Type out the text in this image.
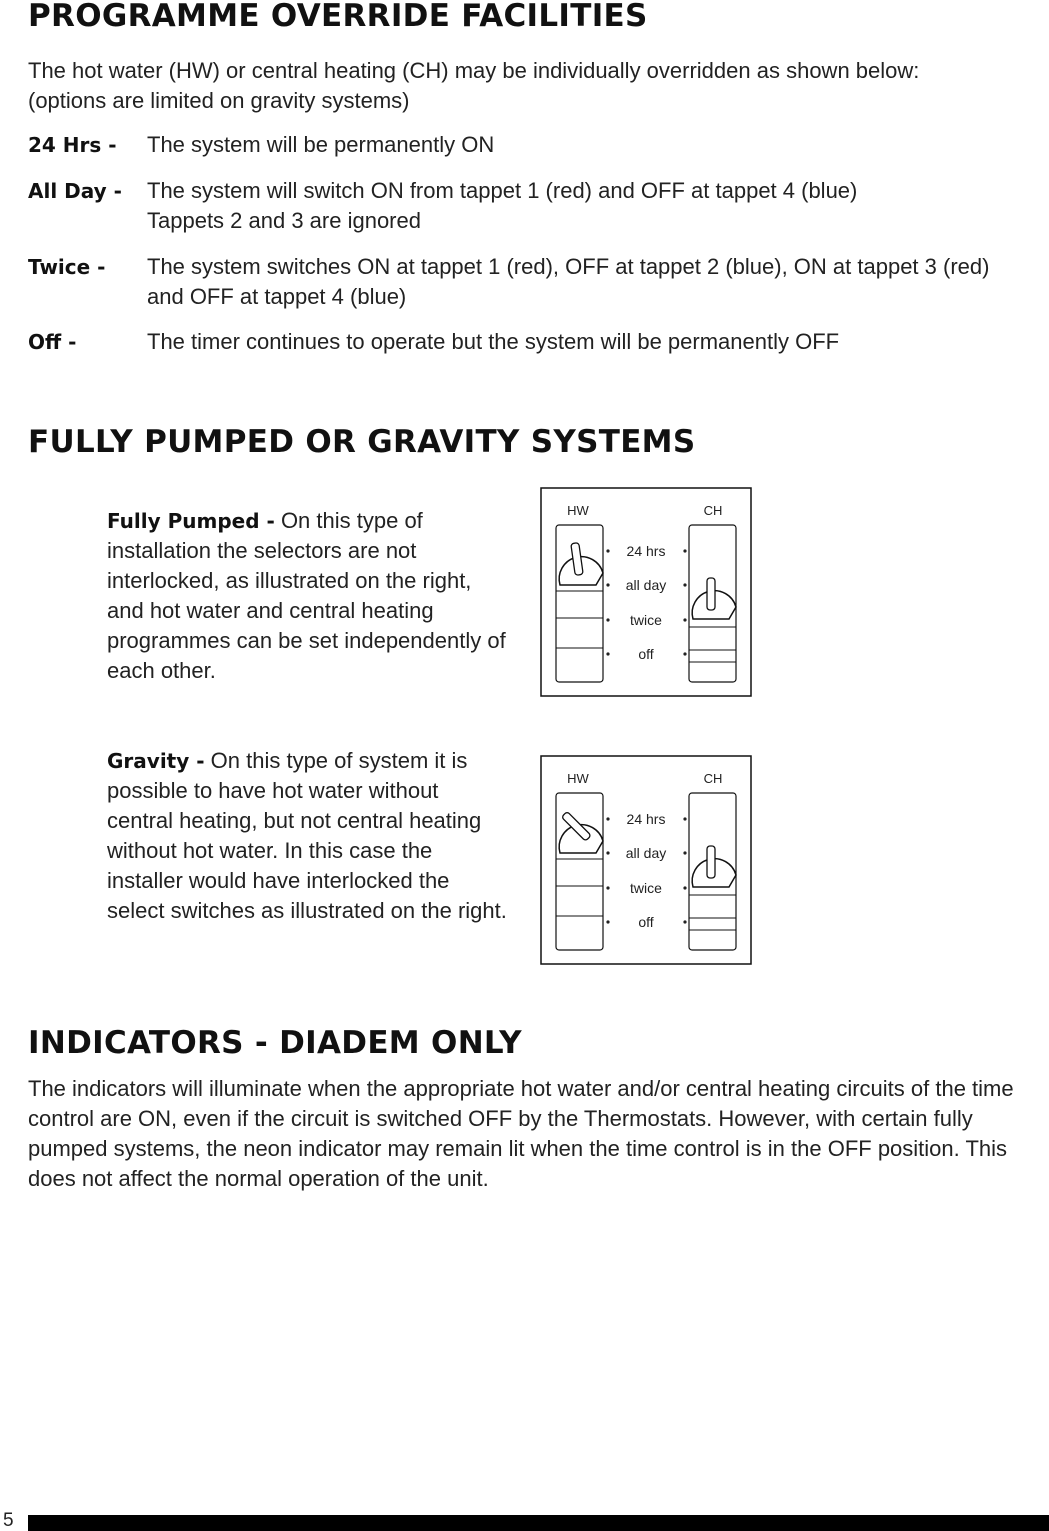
PROGRAMME OVERRIDE FACILITIES
The hot water (HW) or central heating (CH) may be individually overridden as shown below:
(options are limited on gravity systems)
24 Hrs - The system will be permanently ON
All Day - The system will switch ON from tappet 1 (red) and OFF at tappet 4 (blue)
Tappets 2 and 3 are ignored
Twice - The system switches ON at tappet 1 (red), OFF at tappet 2 (blue), ON at tappet 3 (red)
and OFF at tappet 4 (blue)
Off -	The timer continues to operate but the system will be permanently OFF
FULLY PUMPED OR GRAVITY SYSTEMS
Fully Pumped - On this type of installation the selectors are not interlocked, as illustrated on the right, and hot water and central heating programmes can be set independently of each other.
HW	CH
24 hrs
all day
twice
off
Gravity - On this type of system it is possible to have hot water without central heating, but not central heating without hot water. In this case the installer would have interlocked the select switches as illustrated on the right.
HW	CH
24 hrs
all day
twice
off
INDICATORS - DIADEM ONLY
The indicators will illuminate when the appropriate hot water and/or central heating circuits of the time control are ON, even if the circuit is switched OFF by the Thermostats. However, with certain fully pumped systems, the neon indicator may remain lit when the time control is in the OFF position. This does not affect the normal operation of the unit.
5
